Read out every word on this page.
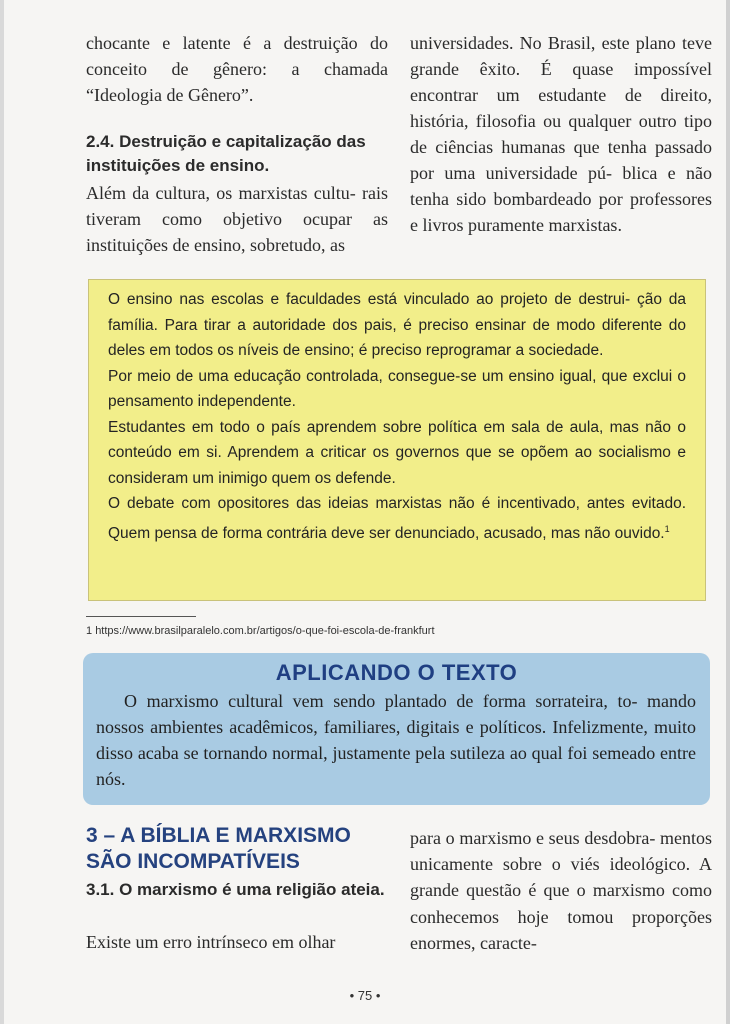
chocante e latente é a destruição do conceito de gênero: a chamada “Ideologia de Gênero”.

2.4. Destruição e capitalização das instituições de ensino.

Além da cultura, os marxistas cultu- rais tiveram como objetivo ocupar as instituições de ensino, sobretudo, as

universidades. No Brasil, este plano teve grande êxito. É quase impossível encontrar um estudante de direito, história, filosofia ou qualquer outro tipo de ciências humanas que tenha passado por uma universidade pú- blica e não tenha sido bombardeado por professores e livros puramente marxistas.

O ensino nas escolas e faculdades está vinculado ao projeto de destrui- ção da família. Para tirar a autoridade dos pais, é preciso ensinar de modo diferente do deles em todos os níveis de ensino; é preciso reprogramar a sociedade.

Por meio de uma educação controlada, consegue-se um ensino igual, que exclui o pensamento independente.

Estudantes em todo o país aprendem sobre política em sala de aula, mas não o conteúdo em si. Aprendem a criticar os governos que se opõem ao socialismo e consideram um inimigo quem os defende.

O debate com opositores das ideias marxistas não é incentivado, antes evitado. Quem pensa de forma contrária deve ser denunciado, acusado, mas não ouvido.$^1$

1 https://www.brasilparalelo.com.br/artigos/o-que-foi-escola-de-frankfurt
APLICANDO O TEXTO

O marxismo cultural vem sendo plantado de forma sorrateira, to- mando nossos ambientes acadêmicos, familiares, digitais e políticos. Infelizmente, muito disso acaba se tornando normal, justamente pela sutileza ao qual foi semeado entre nós.

3 – A BÍBLIA E MARXISMO
SÃO INCOMPATÍVEIS
3.1. O marxismo é uma religião ateia.

Existe um erro intrínseco em olhar

para o marxismo e seus desdobra- mentos unicamente sobre o viés ideológico. A grande questão é que o marxismo como conhecemos hoje tomou proporções enormes, caracte-

• 75 •
